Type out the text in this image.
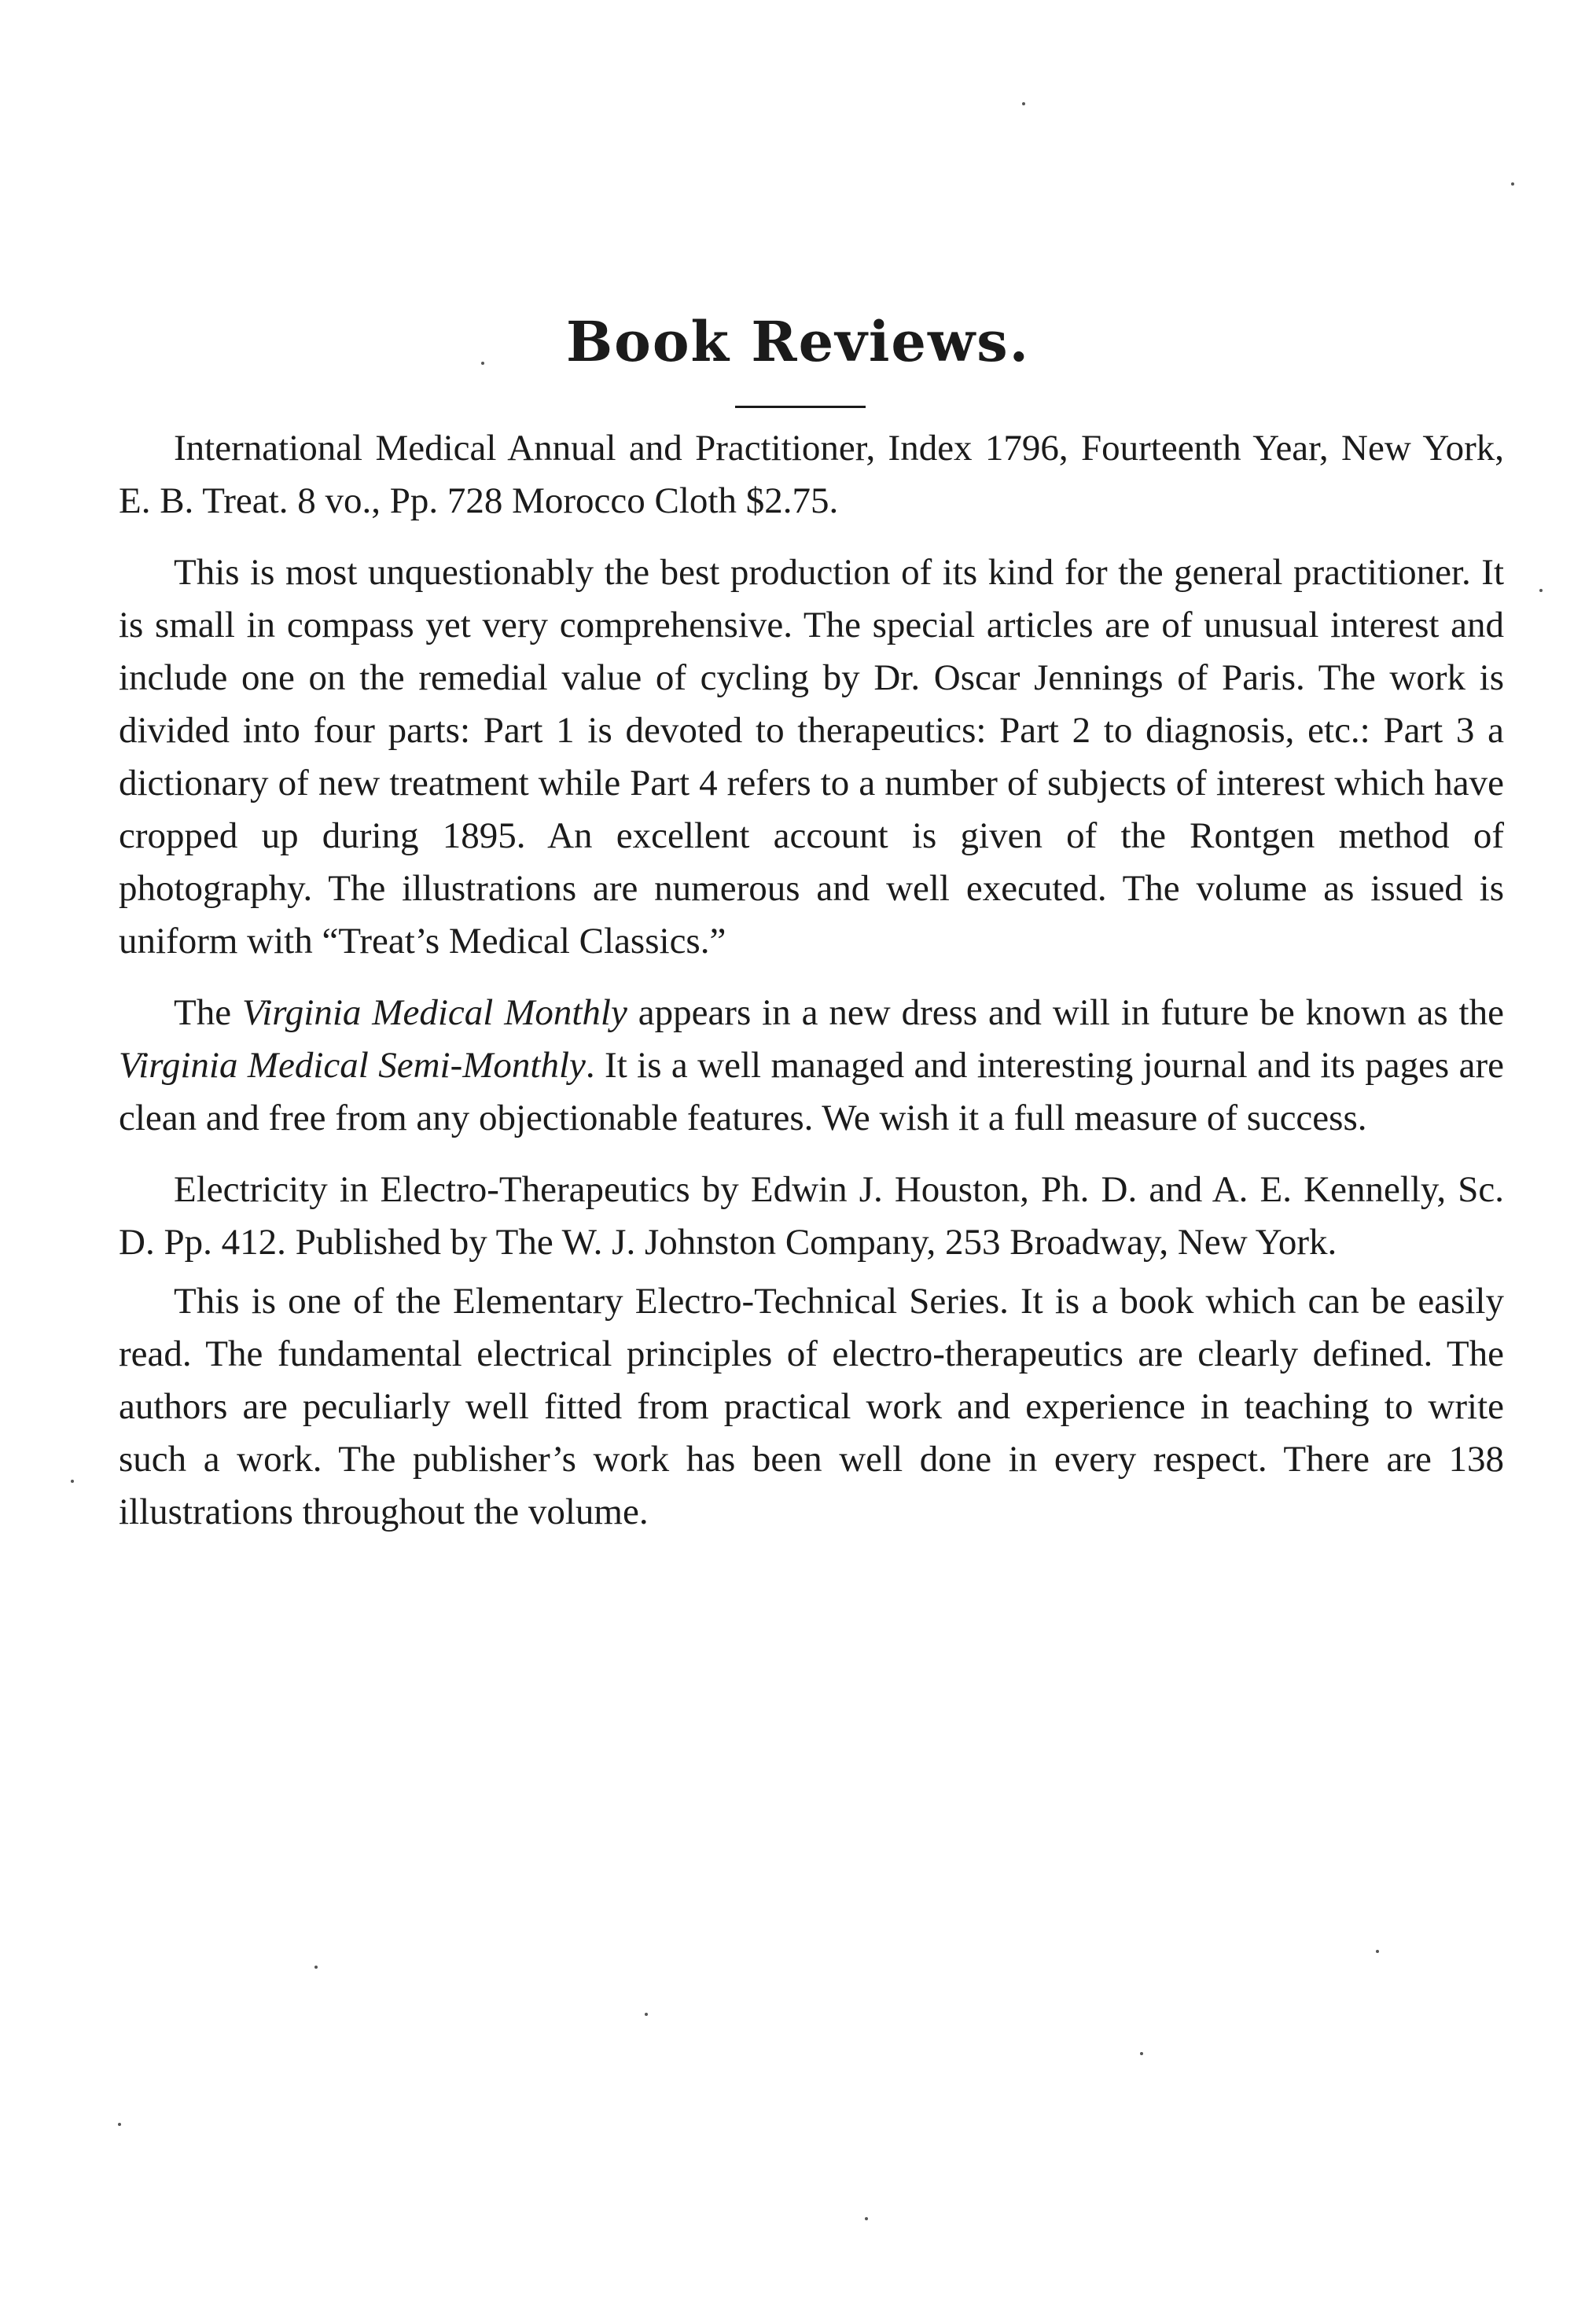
Book Reviews.

International Medical Annual and Practitioner, Index 1796, Fourteenth Year, New York, E. B. Treat. 8 vo., Pp. 728 Morocco Cloth $2.75.

This is most unquestionably the best production of its kind for the general practitioner. It is small in compass yet very comprehensive. The special articles are of unusual interest and include one on the remedial value of cycling by Dr. Oscar Jennings of Paris. The work is divided into four parts: Part 1 is devoted to therapeutics: Part 2 to diagnosis, etc.: Part 3 a dictionary of new treatment while Part 4 refers to a number of subjects of interest which have cropped up during 1895. An excellent account is given of the Rontgen method of photography. The illustrations are numerous and well executed. The volume as issued is uniform with “Treat’s Medical Classics.”

The Virginia Medical Monthly appears in a new dress and will in future be known as the Virginia Medical Semi-Monthly. It is a well managed and interesting journal and its pages are clean and free from any objectionable features. We wish it a full measure of success.

Electricity in Electro-Therapeutics by Edwin J. Houston, Ph. D. and A. E. Kennelly, Sc. D. Pp. 412. Published by The W. J. Johnston Company, 253 Broadway, New York.

This is one of the Elementary Electro-Technical Series. It is a book which can be easily read. The fundamental electrical principles of electro-therapeutics are clearly defined. The authors are peculiarly well fitted from practical work and experience in teaching to write such a work. The publisher’s work has been well done in every respect. There are 138 illustrations throughout the volume.
